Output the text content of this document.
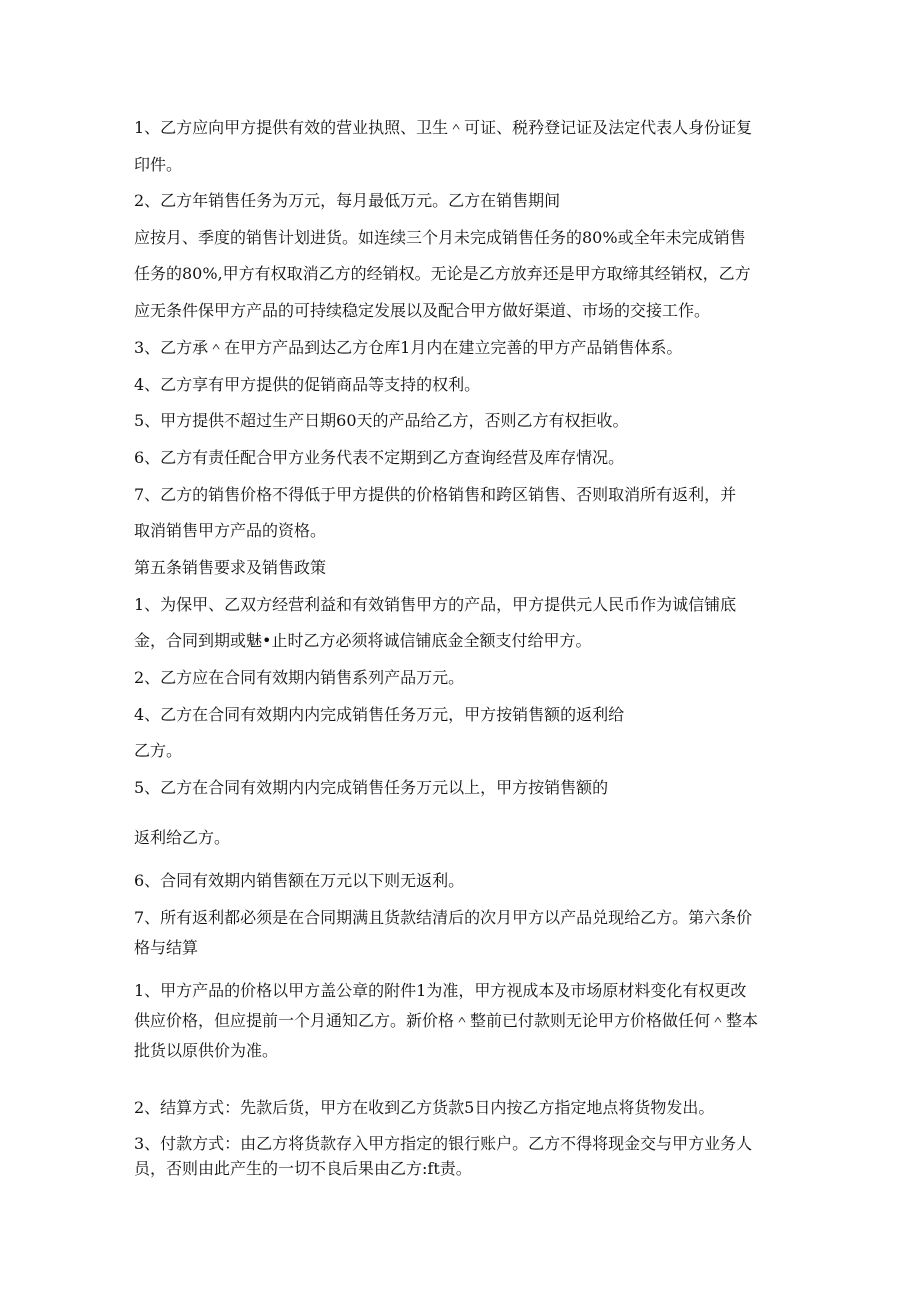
1、乙方应向甲方提供有效的营业执照、卫生＾可证、税矜登记证及法定代表人身份证复

印件。

2、乙方年销售任务为万元，每月最低万元。乙方在销售期间

应按月、季度的销售计划进货。如连续三个月未完成销售任务的80%或全年未完成销售

任务的80%,甲方有权取消乙方的经销权。无论是乙方放弃还是甲方取缔其经销权，乙方

应无条件保甲方产品的可持续稳定发展以及配合甲方做好渠道、市场的交接工作。

3、乙方承＾在甲方产品到达乙方仓库1月内在建立完善的甲方产品销售体系。

4、乙方享有甲方提供的促销商品等支持的权利。

5、甲方提供不超过生产日期60天的产品给乙方，否则乙方有权拒收。

6、乙方有责任配合甲方业务代表不定期到乙方查询经营及库存情况。

7、乙方的销售价格不得低于甲方提供的价格销售和跨区销售、否则取消所有返利，并

取消销售甲方产品的资格。

第五条销售要求及销售政策

1、为保甲、乙双方经营利益和有效销售甲方的产品，甲方提供元人民币作为诚信铺底

金，合同到期或魅•止时乙方必须将诚信铺底金全额支付给甲方。

2、乙方应在合同有效期内销售系列产品万元。

4、乙方在合同有效期内内完成销售任务万元，甲方按销售额的返利给

乙方。

5、乙方在合同有效期内内完成销售任务万元以上，甲方按销售额的

返利给乙方。

6、合同有效期内销售额在万元以下则无返利。

7、所有返利都必须是在合同期满且货款结清后的次月甲方以产品兑现给乙方。第六条价

格与结算

1、甲方产品的价格以甲方盖公章的附件1为准，甲方视成本及市场原材料变化有权更改

供应价格，但应提前一个月通知乙方。新价格＾整前已付款则无论甲方价格做任何＾整本

批货以原供价为准。

2、结算方式：先款后货，甲方在收到乙方货款5日内按乙方指定地点将货物发出。

3、付款方式：由乙方将货款存入甲方指定的银行账户。乙方不得将现金交与甲方业务人

员，否则由此产生的一切不良后果由乙方:ft责。
